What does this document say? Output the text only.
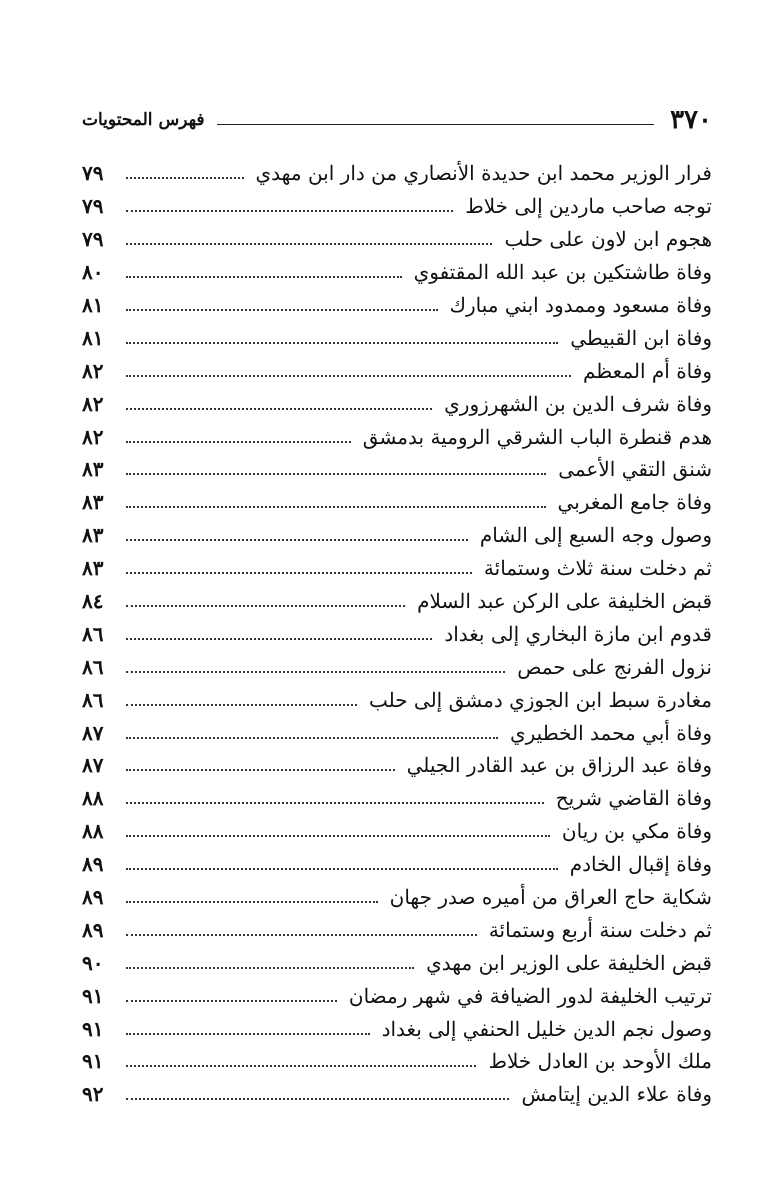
٣٧٠
فهرس المحتويات
فرار الوزير محمد ابن حديدة الأنصاري من دار ابن مهدي
٧٩
توجه صاحب ماردين إلى خلاط
٧٩
هجوم ابن لاون على حلب
٧٩
وفاة طاشتكين بن عبد الله المقتفوي
٨٠
وفاة مسعود وممدود ابني مبارك
٨١
وفاة ابن القبيطي
٨١
وفاة أم المعظم
٨٢
وفاة شرف الدين بن الشهرزوري
٨٢
هدم قنطرة الباب الشرقي الرومية بدمشق
٨٢
شنق التقي الأعمى
٨٣
وفاة جامع المغربي
٨٣
وصول وجه السبع إلى الشام
٨٣
ثم دخلت سنة ثلاث وستمائة
٨٣
قبض الخليفة على الركن عبد السلام
٨٤
قدوم ابن مازة البخاري إلى بغداد
٨٦
نزول الفرنج على حمص
٨٦
مغادرة سبط ابن الجوزي دمشق إلى حلب
٨٦
وفاة أبي محمد الخطيري
٨٧
وفاة عبد الرزاق بن عبد القادر الجيلي
٨٧
وفاة القاضي شريح
٨٨
وفاة مكي بن ريان
٨٨
وفاة إقبال الخادم
٨٩
شكاية حاج العراق من أميره صدر جهان
٨٩
ثم دخلت سنة أربع وستمائة
٨٩
قبض الخليفة على الوزير ابن مهدي
٩٠
ترتيب الخليفة لدور الضيافة في شهر رمضان
٩١
وصول نجم الدين خليل الحنفي إلى بغداد
٩١
ملك الأوحد بن العادل خلاط
٩١
وفاة علاء الدين إيتامش
٩٢
